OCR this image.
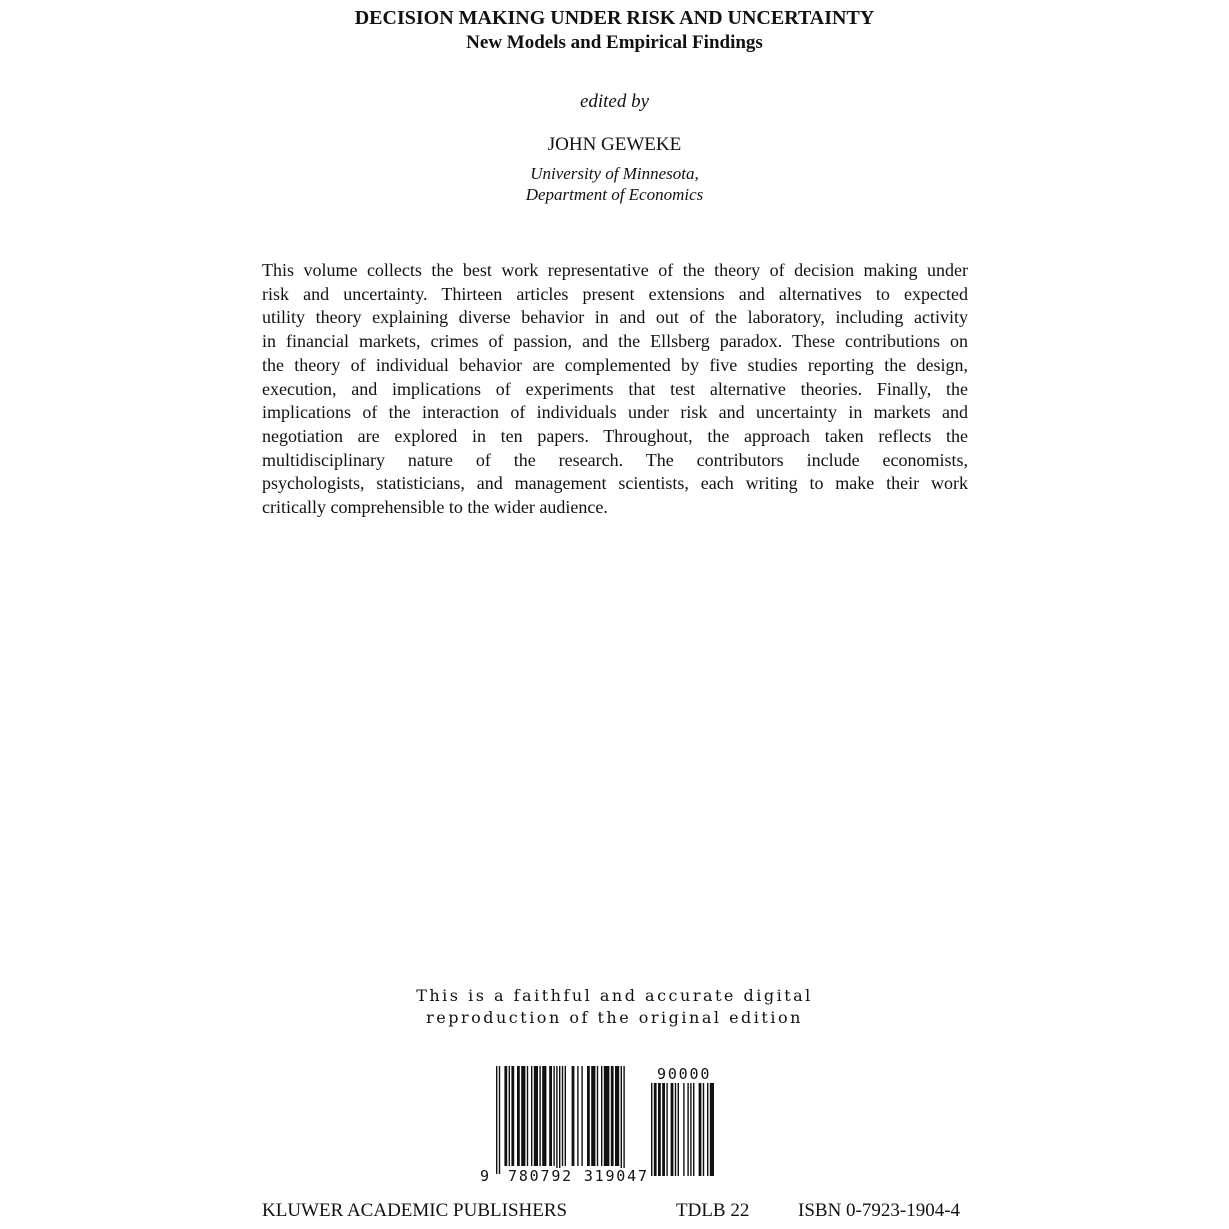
DECISION MAKING UNDER RISK AND UNCERTAINTY
New Models and Empirical Findings
edited by
JOHN GEWEKE
University of Minnesota,
Department of Economics
This volume collects the best work representative of the theory of decision making under
risk and uncertainty. Thirteen articles present extensions and alternatives to expected
utility theory explaining diverse behavior in and out of the laboratory, including activity
in financial markets, crimes of passion, and the Ellsberg paradox. These contributions on
the theory of individual behavior are complemented by five studies reporting the design,
execution, and implications of experiments that test alternative theories. Finally, the
implications of the interaction of individuals under risk and uncertainty in markets and
negotiation are explored in ten papers. Throughout, the approach taken reflects the
multidisciplinary nature of the research. The contributors include economists,
psychologists, statisticians, and management scientists, each writing to make their work
critically comprehensible to the wider audience.
This is a faithful and accurate digital
reproduction of the original edition
9 780792 319047
90000
KLUWER ACADEMIC PUBLISHERS	TDLB 22	ISBN 0-7923-1904-4
